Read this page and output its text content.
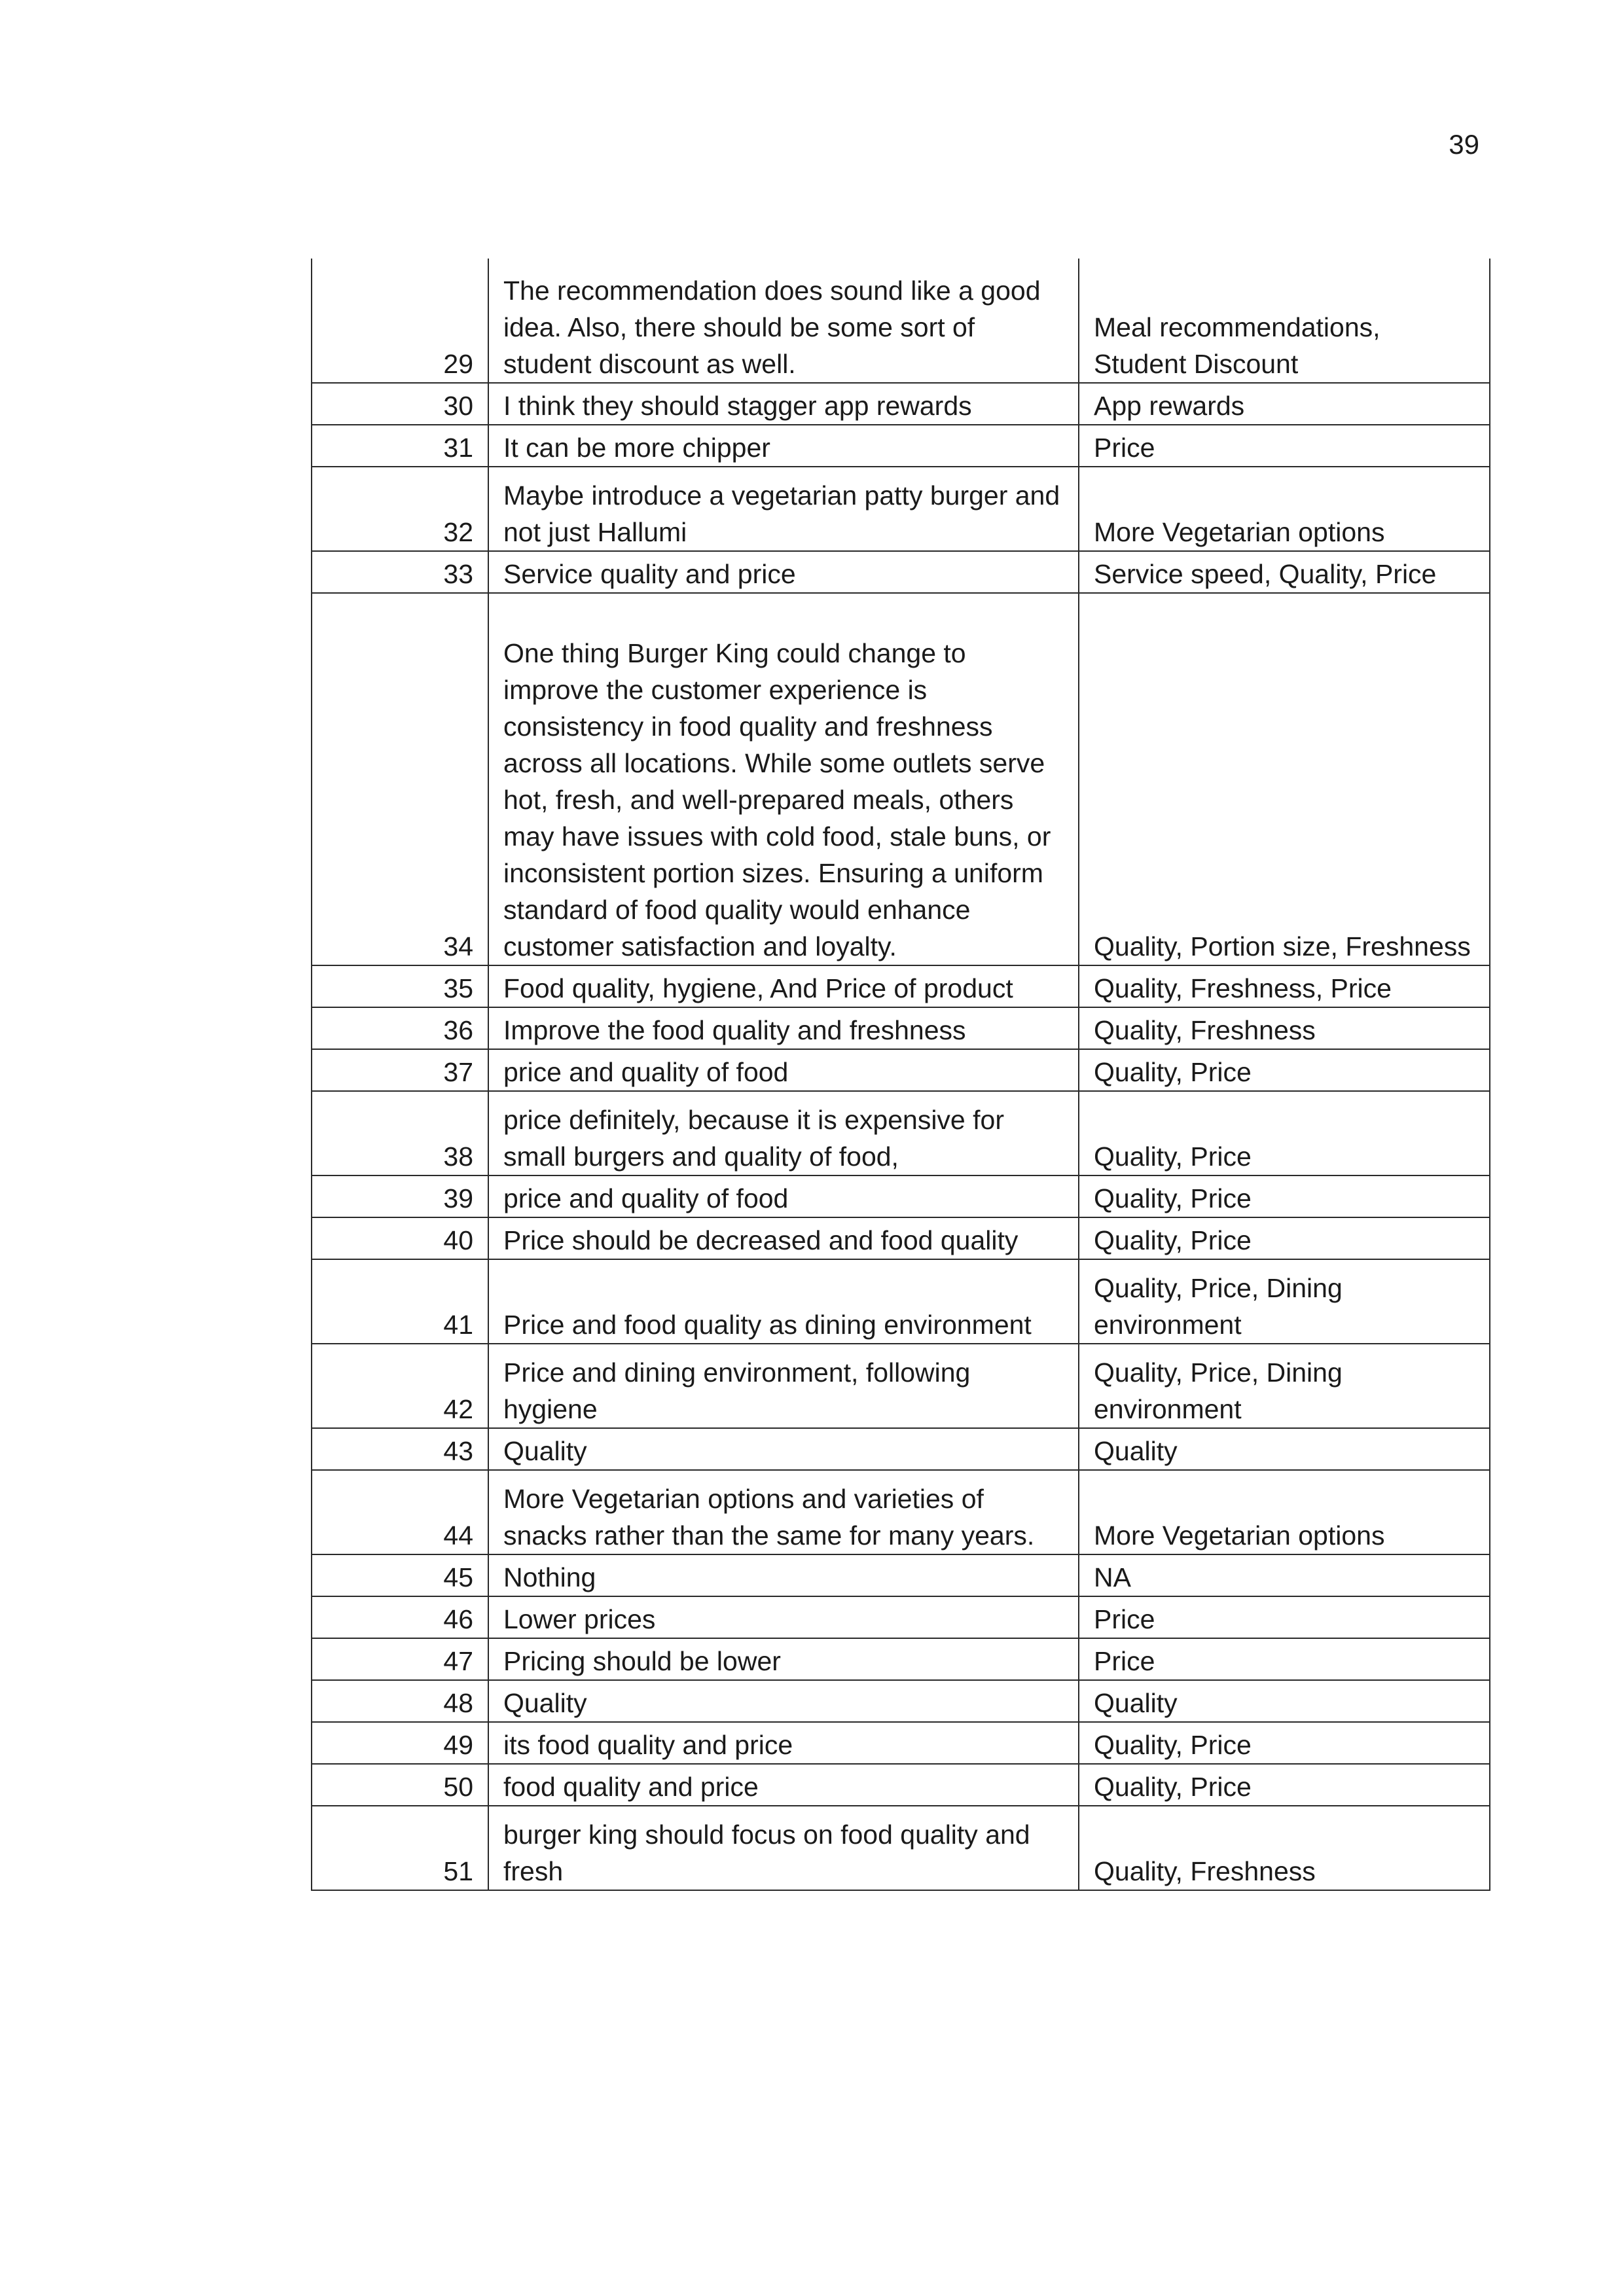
39
29	The recommendation does sound like a good idea. Also, there should be some sort of student discount as well.	Meal recommendations, Student Discount
30	I think they should stagger app rewards	App rewards
31	It can be more chipper	Price
32	Maybe introduce a vegetarian patty burger and not just Hallumi	More Vegetarian options
33	Service quality and price	Service speed, Quality, Price
34	One thing Burger King could change to improve the customer experience is consistency in food quality and freshness across all locations. While some outlets serve hot, fresh, and well-prepared meals, others may have issues with cold food, stale buns, or inconsistent portion sizes. Ensuring a uniform standard of food quality would enhance customer satisfaction and loyalty.	Quality, Portion size, Freshness
35	Food quality, hygiene, And Price of product	Quality, Freshness, Price
36	Improve the food quality and freshness	Quality, Freshness
37	price and quality of food	Quality, Price
38	price definitely, because it is expensive for small burgers and quality of food,	Quality, Price
39	price and quality of food	Quality, Price
40	Price should be decreased and food quality	Quality, Price
41	Price and food quality as dining environment	Quality, Price, Dining environment
42	Price and dining environment, following hygiene	Quality, Price, Dining environment
43	Quality	Quality
44	More Vegetarian options and varieties of snacks rather than the same for many years.	More Vegetarian options
45	Nothing	NA
46	Lower prices	Price
47	Pricing should be lower	Price
48	Quality	Quality
49	its food quality and price	Quality, Price
50	food quality and price	Quality, Price
51	burger king should focus on food quality and fresh	Quality, Freshness
